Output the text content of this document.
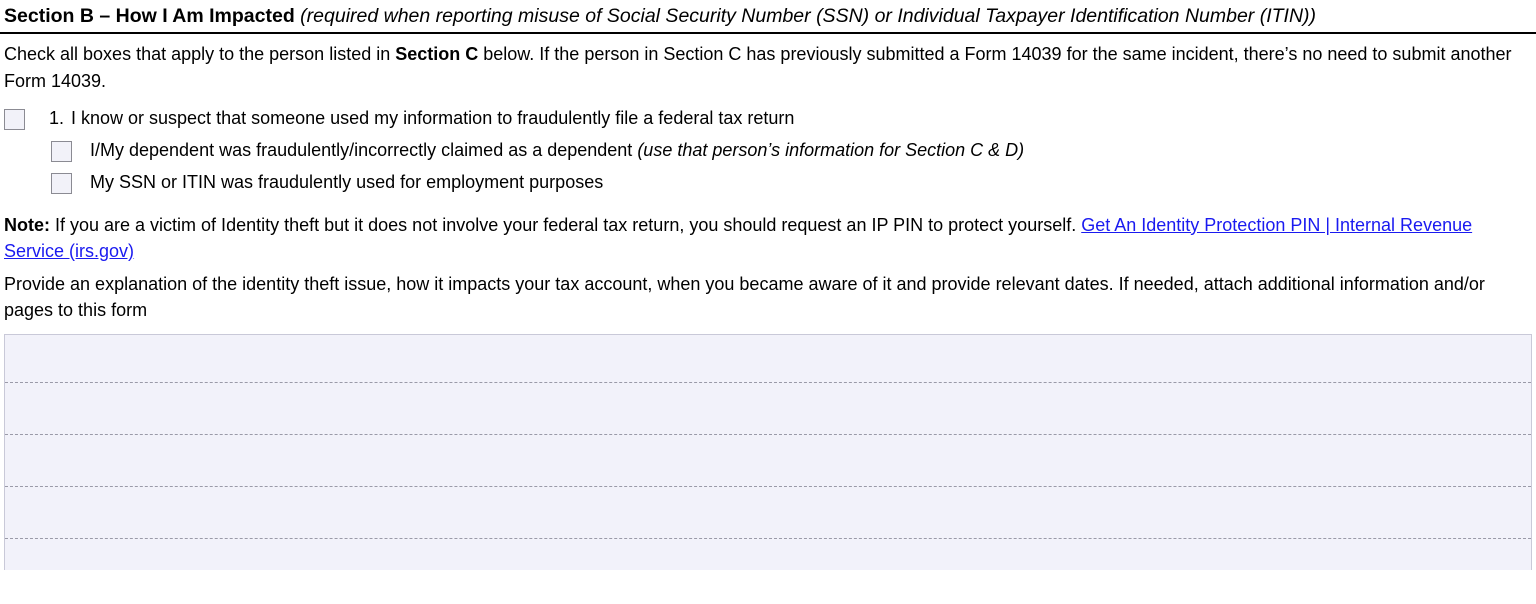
Section B – How I Am Impacted (required when reporting misuse of Social Security Number (SSN) or Individual Taxpayer Identification Number (ITIN))
Check all boxes that apply to the person listed in Section C below. If the person in Section C has previously submitted a Form 14039 for the same incident, there’s no need to submit another Form 14039.
1. I know or suspect that someone used my information to fraudulently file a federal tax return
I/My dependent was fraudulently/incorrectly claimed as a dependent (use that person’s information for Section C & D)
My SSN or ITIN was fraudulently used for employment purposes
Note: If you are a victim of Identity theft but it does not involve your federal tax return, you should request an IP PIN to protect yourself. Get An Identity Protection PIN | Internal Revenue Service (irs.gov)
Provide an explanation of the identity theft issue, how it impacts your tax account, when you became aware of it and provide relevant dates. If needed, attach additional information and/or pages to this form
